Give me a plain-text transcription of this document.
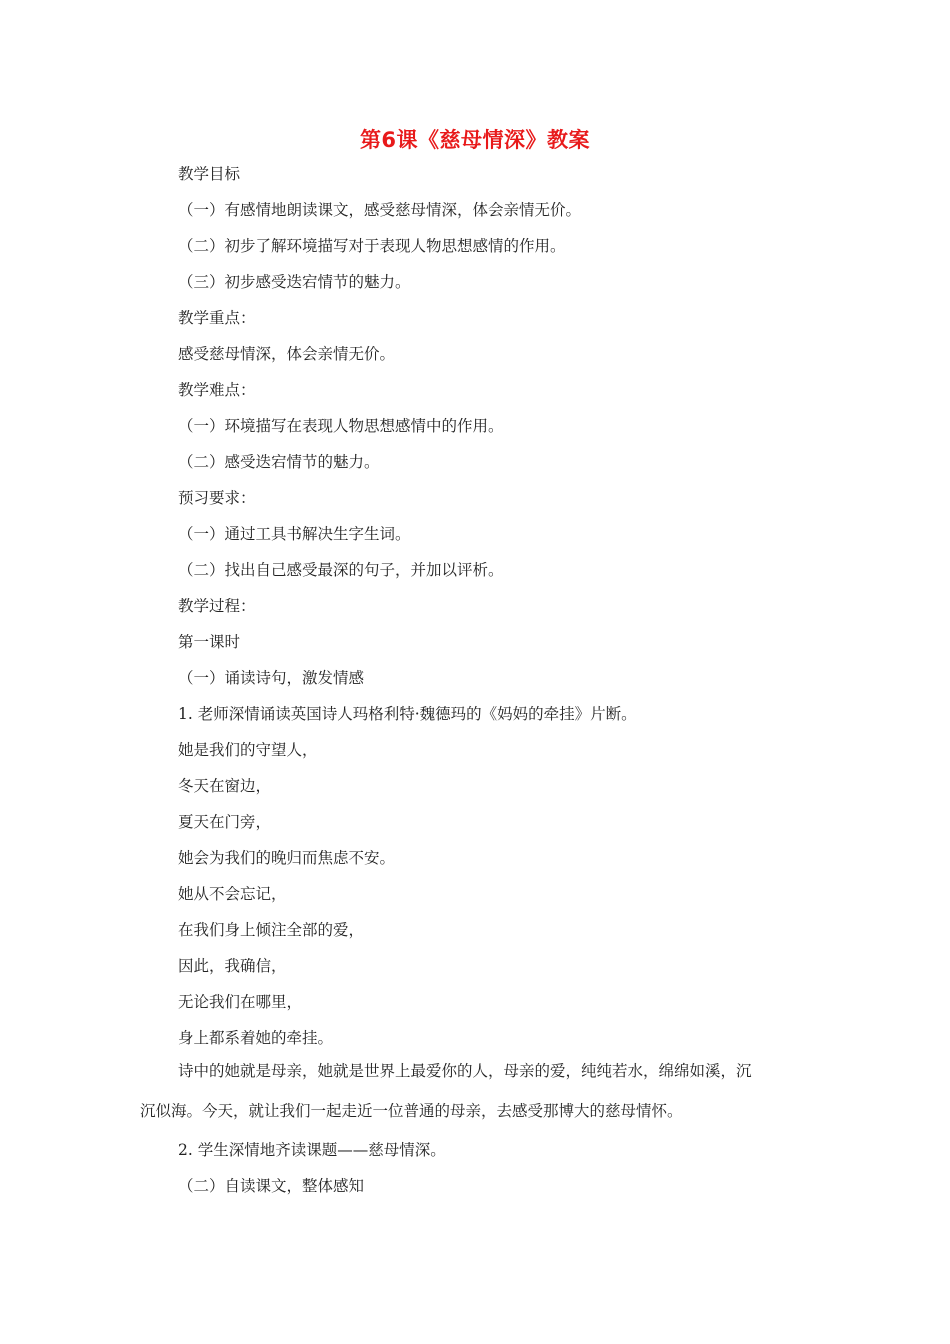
第6课《慈母情深》教案
教学目标
（一）有感情地朗读课文，感受慈母情深，体会亲情无价。
（二）初步了解环境描写对于表现人物思想感情的作用。
（三）初步感受迭宕情节的魅力。
教学重点：
感受慈母情深，体会亲情无价。
教学难点：
（一）环境描写在表现人物思想感情中的作用。
（二）感受迭宕情节的魅力。
预习要求：
（一）通过工具书解决生字生词。
（二）找出自己感受最深的句子，并加以评析。
教学过程：
第一课时
（一）诵读诗句，激发情感
1. 老师深情诵读英国诗人玛格利特·魏德玛的《妈妈的牵挂》片断。
她是我们的守望人，
冬天在窗边，
夏天在门旁，
她会为我们的晚归而焦虑不安。
她从不会忘记，
在我们身上倾注全部的爱，
因此，我确信，
无论我们在哪里，
身上都系着她的牵挂。
诗中的她就是母亲，她就是世界上最爱你的人，母亲的爱，纯纯若水，绵绵如溪，沉
沉似海。今天，就让我们一起走近一位普通的母亲，去感受那博大的慈母情怀。
2. 学生深情地齐读课题——慈母情深。
（二）自读课文，整体感知
